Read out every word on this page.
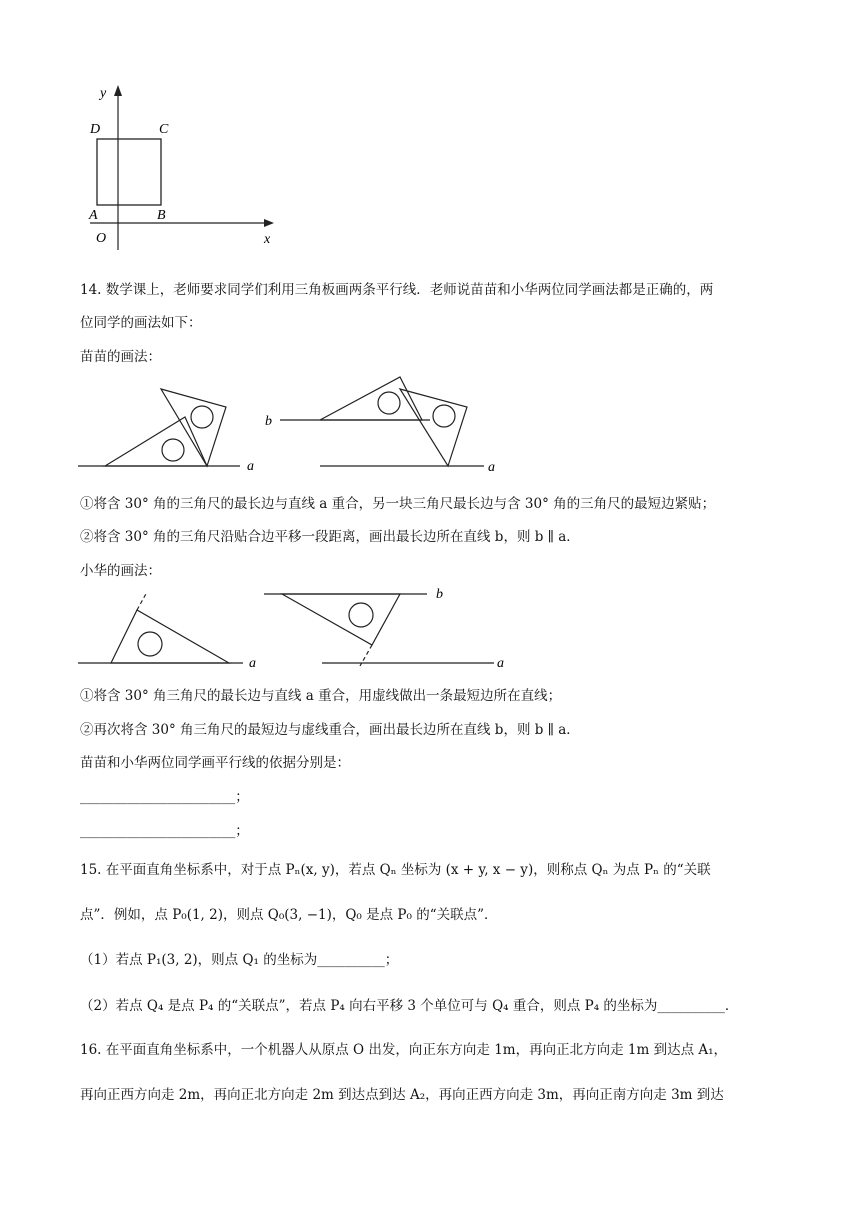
y
x
O
A	B
C
D
14. 数学课上，老师要求同学们利用三角板画两条平行线．老师说苗苗和小华两位同学画法都是正确的，两
位同学的画法如下：
苗苗的画法：
a
b
a
①将含 30° 角的三角尺的最长边与直线 a 重合，另一块三角尺最长边与含 30° 角的三角尺的最短边紧贴；
②将含 30° 角的三角尺沿贴合边平移一段距离，画出最长边所在直线 b，则 b ∥ a．
小华的画法：
a
b
a
①将含 30° 角三角尺的最长边与直线 a 重合，用虚线做出一条最短边所在直线；
②再次将含 30° 角三角尺的最短边与虚线重合，画出最长边所在直线 b，则 b ∥ a．
苗苗和小华两位同学画平行线的依据分别是：
_______________________；
_______________________；
15. 在平面直角坐标系中，对于点 Pₙ(x, y)，若点 Qₙ 坐标为 (x + y, x − y)，则称点 Qₙ 为点 Pₙ 的“关联
点”．例如，点 P₀(1, 2)，则点 Q₀(3, −1)，Q₀ 是点 P₀ 的“关联点”．
（1）若点 P₁(3, 2)，则点 Q₁ 的坐标为__________；
（2）若点 Q₄ 是点 P₄ 的“关联点”，若点 P₄ 向右平移 3 个单位可与 Q₄ 重合，则点 P₄ 的坐标为__________．
16. 在平面直角坐标系中，一个机器人从原点 O 出发，向正东方向走 1m，再向正北方向走 1m 到达点 A₁，
再向正西方向走 2m，再向正北方向走 2m 到达点到达 A₂，再向正西方向走 3m，再向正南方向走 3m 到达
